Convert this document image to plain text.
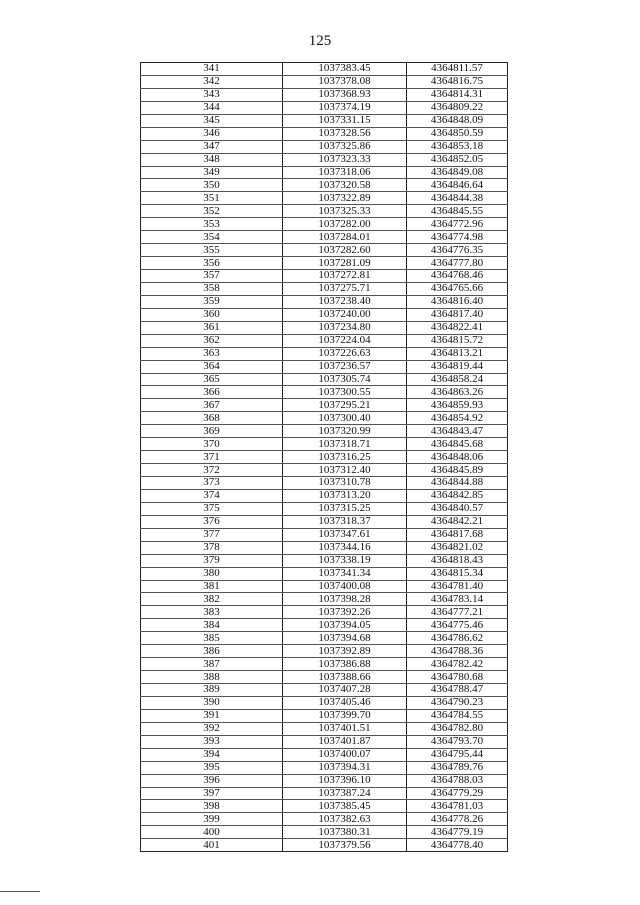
125
341	1037383.45	4364811.57
342	1037378.08	4364816.75
343	1037368.93	4364814.31
344	1037374.19	4364809.22
345	1037331.15	4364848.09
346	1037328.56	4364850.59
347	1037325.86	4364853.18
348	1037323.33	4364852.05
349	1037318.06	4364849.08
350	1037320.58	4364846.64
351	1037322.89	4364844.38
352	1037325.33	4364845.55
353	1037282.00	4364772.96
354	1037284.01	4364774.98
355	1037282.60	4364776.35
356	1037281.09	4364777.80
357	1037272.81	4364768.46
358	1037275.71	4364765.66
359	1037238.40	4364816.40
360	1037240.00	4364817.40
361	1037234.80	4364822.41
362	1037224.04	4364815.72
363	1037226.63	4364813.21
364	1037236.57	4364819.44
365	1037305.74	4364858.24
366	1037300.55	4364863.26
367	1037295.21	4364859.93
368	1037300.40	4364854.92
369	1037320.99	4364843.47
370	1037318.71	4364845.68
371	1037316.25	4364848.06
372	1037312.40	4364845.89
373	1037310.78	4364844.88
374	1037313.20	4364842.85
375	1037315.25	4364840.57
376	1037318.37	4364842.21
377	1037347.61	4364817.68
378	1037344.16	4364821.02
379	1037338.19	4364818.43
380	1037341.34	4364815.34
381	1037400.08	4364781.40
382	1037398.28	4364783.14
383	1037392.26	4364777.21
384	1037394.05	4364775.46
385	1037394.68	4364786.62
386	1037392.89	4364788.36
387	1037386.88	4364782.42
388	1037388.66	4364780.68
389	1037407.28	4364788.47
390	1037405.46	4364790.23
391	1037399.70	4364784.55
392	1037401.51	4364782.80
393	1037401.87	4364793.70
394	1037400.07	4364795.44
395	1037394.31	4364789.76
396	1037396.10	4364788.03
397	1037387.24	4364779.29
398	1037385.45	4364781.03
399	1037382.63	4364778.26
400	1037380.31	4364779.19
401	1037379.56	4364778.40
